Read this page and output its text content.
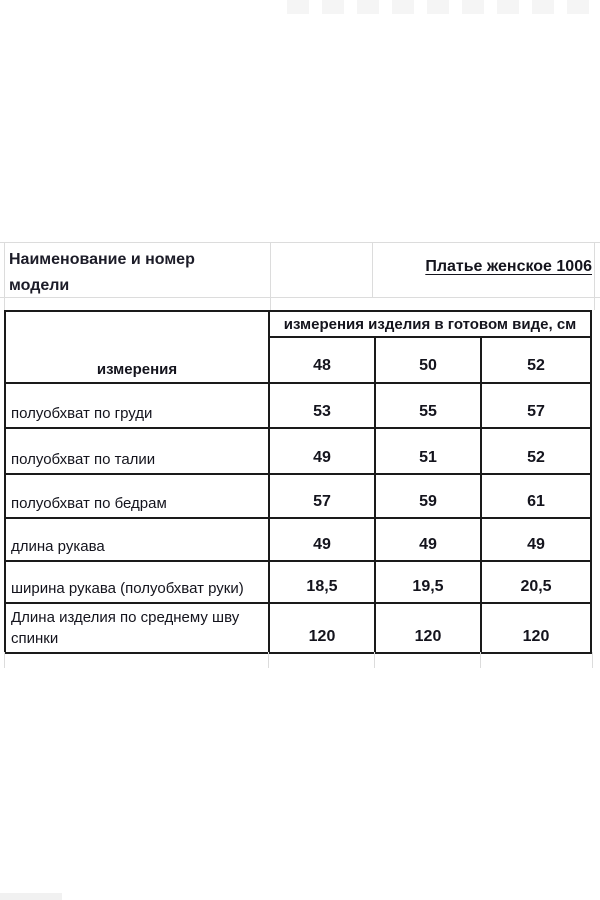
Наименование и номер модели
Платье женское 1006
измерения	измерения изделия в готовом виде, см		
	48	50	52
полуобхват по груди	53	55	57
полуобхват по талии	49	51	52
полуобхват по бедрам	57	59	61
длина рукава	49	49	49
ширина рукава (полуобхват руки)	18,5	19,5	20,5
Длина изделия по среднему шву спинки	120	120	120
